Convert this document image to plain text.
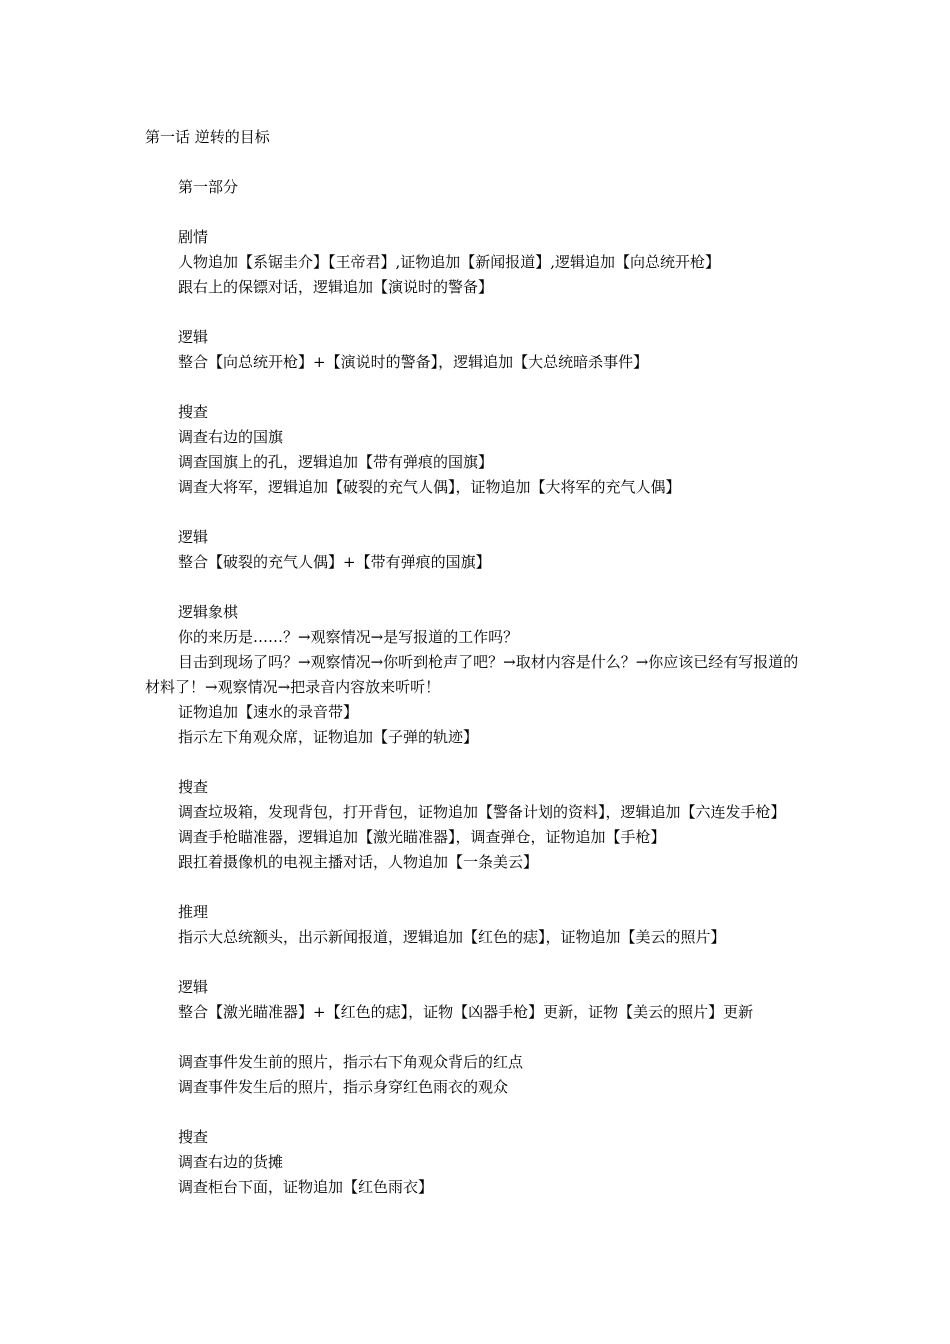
第一话 逆转的目标
第一部分
剧情
人物追加【系锯圭介】【王帝君】,证物追加【新闻报道】,逻辑追加【向总统开枪】
跟右上的保镖对话，逻辑追加【演说时的警备】
逻辑
整合【向总统开枪】+【演说时的警备】，逻辑追加【大总统暗杀事件】
搜查
调查右边的国旗
调查国旗上的孔，逻辑追加【带有弹痕的国旗】
调查大将军，逻辑追加【破裂的充气人偶】，证物追加【大将军的充气人偶】
逻辑
整合【破裂的充气人偶】+【带有弹痕的国旗】
逻辑象棋
你的来历是……？→观察情况→是写报道的工作吗？
目击到现场了吗？→观察情况→你听到枪声了吧？→取材内容是什么？→你应该已经有写报道的材料了！→观察情况→把录音内容放来听听！
证物追加【速水的录音带】
指示左下角观众席，证物追加【子弹的轨迹】
搜查
调查垃圾箱，发现背包，打开背包，证物追加【警备计划的资料】，逻辑追加【六连发手枪】
调查手枪瞄准器，逻辑追加【激光瞄准器】，调查弹仓，证物追加【手枪】
跟扛着摄像机的电视主播对话，人物追加【一条美云】
推理
指示大总统额头，出示新闻报道，逻辑追加【红色的痣】，证物追加【美云的照片】
逻辑
整合【激光瞄准器】+【红色的痣】，证物【凶器手枪】更新，证物【美云的照片】更新
调查事件发生前的照片，指示右下角观众背后的红点
调查事件发生后的照片，指示身穿红色雨衣的观众
搜查
调查右边的货摊
调查柜台下面，证物追加【红色雨衣】
